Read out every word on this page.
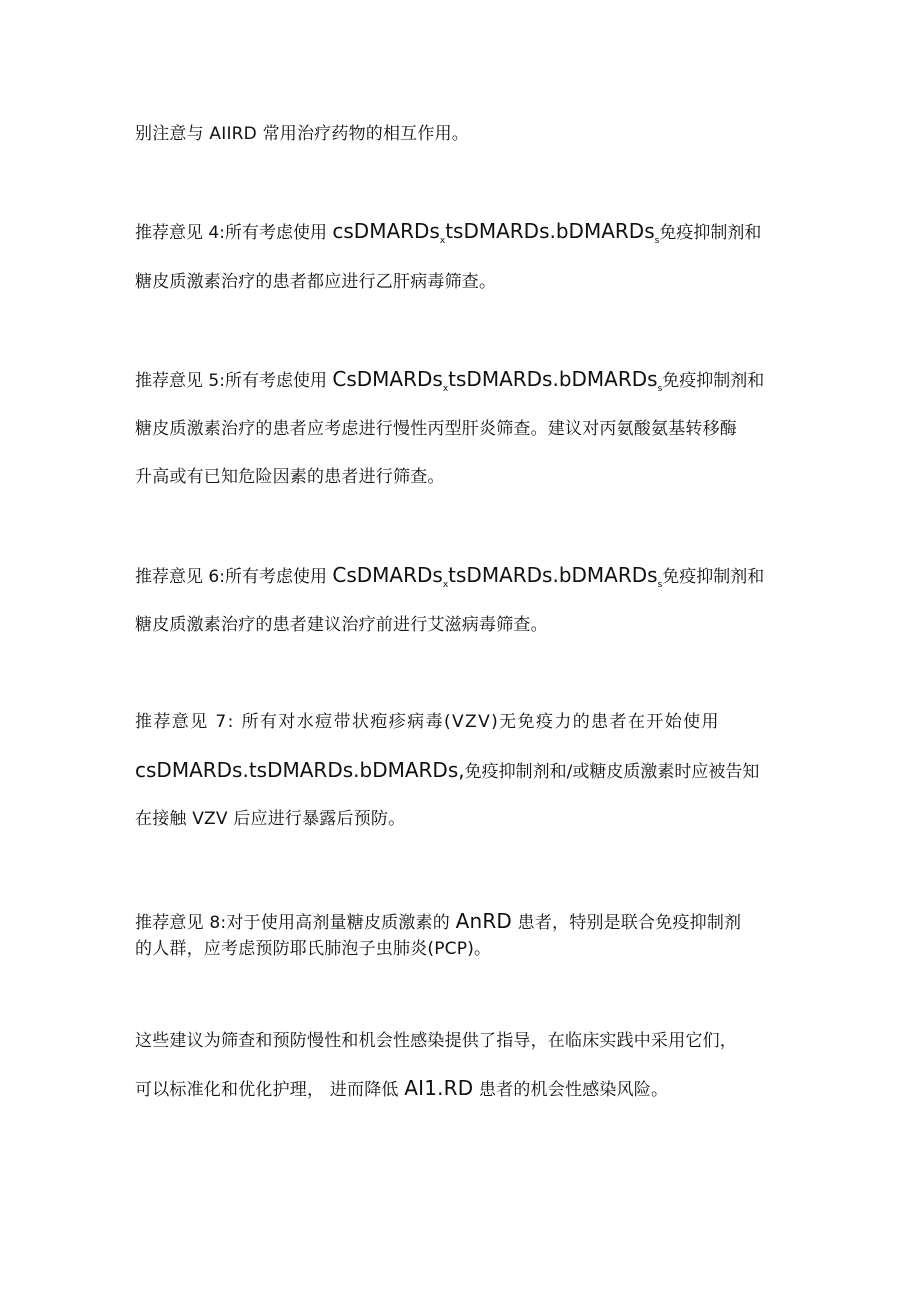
别注意与 AIIRD 常用治疗药物的相互作用。
推荐意见 4:所有考虑使用 csDMARDs$_x$tsDMARDs.bDMARDs$_s$免疫抑制剂和
糖皮质激素治疗的患者都应进行乙肝病毒筛查。
推荐意见 5:所有考虑使用 CsDMARDs$_x$tsDMARDs.bDMARDs$_s$免疫抑制剂和
糖皮质激素治疗的患者应考虑进行慢性丙型肝炎筛查。建议对丙氨酸氨基转移酶
升高或有已知危险因素的患者进行筛查。
推荐意见 6:所有考虑使用 CsDMARDs$_x$tsDMARDs.bDMARDs$_s$免疫抑制剂和
糖皮质激素治疗的患者建议治疗前进行艾滋病毒筛查。
推荐意见 7: 所有对水痘带状疱疹病毒(VZV)无免疫力的患者在开始使用
csDMARDs.tsDMARDs.bDMARDs,免疫抑制剂和/或糖皮质激素时应被告知
在接触 VZV 后应进行暴露后预防。
推荐意见 8:对于使用高剂量糖皮质激素的 AnRD 患者，特别是联合免疫抑制剂
的人群，应考虑预防耶氏肺泡子虫肺炎(PCP)。
这些建议为筛查和预防慢性和机会性感染提供了指导，在临床实践中采用它们，
可以标准化和优化护理， 进而降低 AI1.RD 患者的机会性感染风险。
